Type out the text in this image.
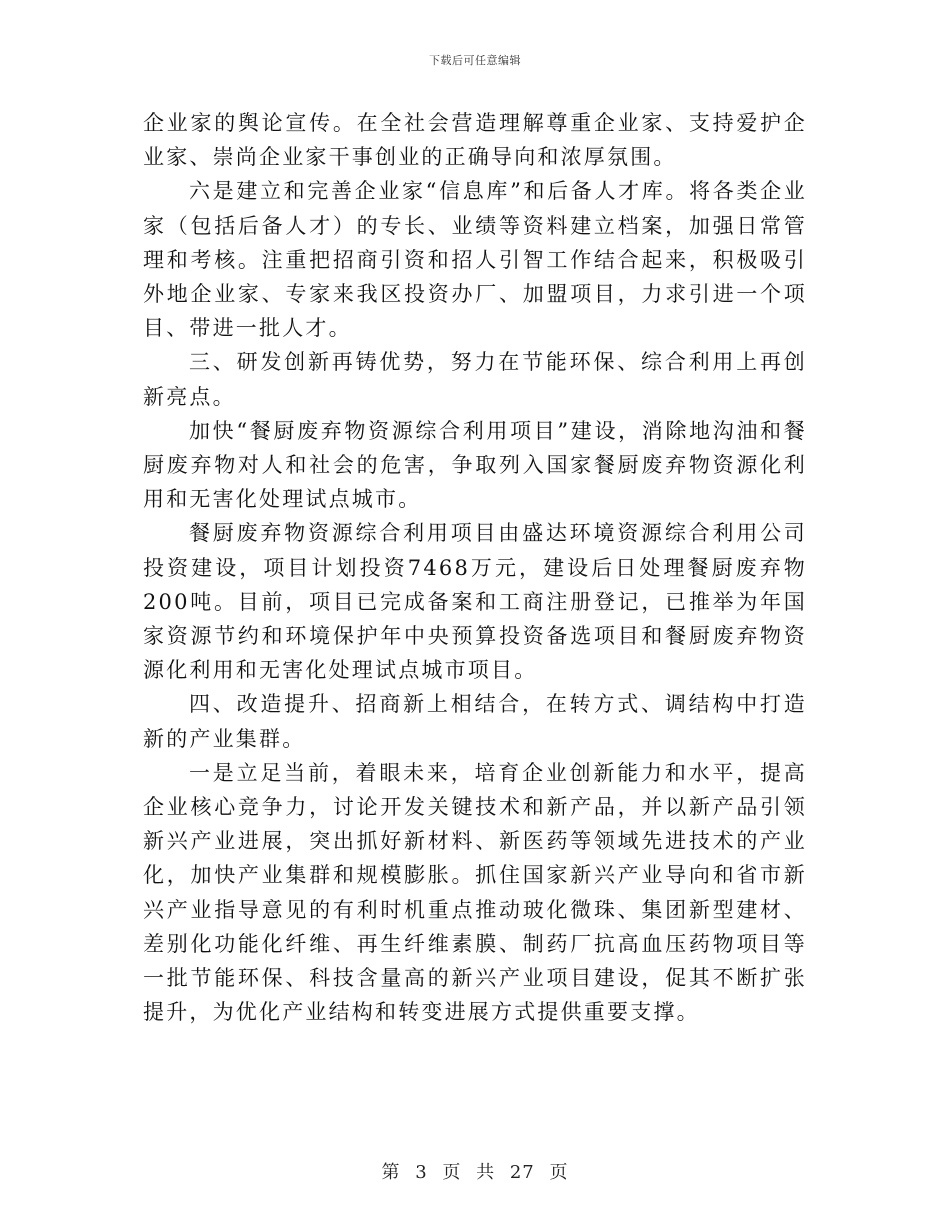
下载后可任意编辑

企业家的舆论宣传。在全社会营造理解尊重企业家、支持爱护企业家、崇尚企业家干事创业的正确导向和浓厚氛围。

六是建立和完善企业家“信息库”和后备人才库。将各类企业家（包括后备人才）的专长、业绩等资料建立档案，加强日常管理和考核。注重把招商引资和招人引智工作结合起来，积极吸引外地企业家、专家来我区投资办厂、加盟项目，力求引进一个项目、带进一批人才。

三、研发创新再铸优势，努力在节能环保、综合利用上再创新亮点。

加快“餐厨废弃物资源综合利用项目”建设，消除地沟油和餐厨废弃物对人和社会的危害，争取列入国家餐厨废弃物资源化利用和无害化处理试点城市。

餐厨废弃物资源综合利用项目由盛达环境资源综合利用公司投资建设，项目计划投资7468万元，建设后日处理餐厨废弃物200吨。目前，项目已完成备案和工商注册登记，已推举为年国家资源节约和环境保护年中央预算投资备选项目和餐厨废弃物资源化利用和无害化处理试点城市项目。

四、改造提升、招商新上相结合，在转方式、调结构中打造新的产业集群。

一是立足当前，着眼未来，培育企业创新能力和水平，提高企业核心竞争力，讨论开发关键技术和新产品，并以新产品引领新兴产业进展，突出抓好新材料、新医药等领域先进技术的产业化，加快产业集群和规模膨胀。抓住国家新兴产业导向和省市新兴产业指导意见的有利时机重点推动玻化微珠、集团新型建材、差别化功能化纤维、再生纤维素膜、制药厂抗高血压药物项目等一批节能环保、科技含量高的新兴产业项目建设，促其不断扩张提升，为优化产业结构和转变进展方式提供重要支撑。

第 3 页 共 27 页
